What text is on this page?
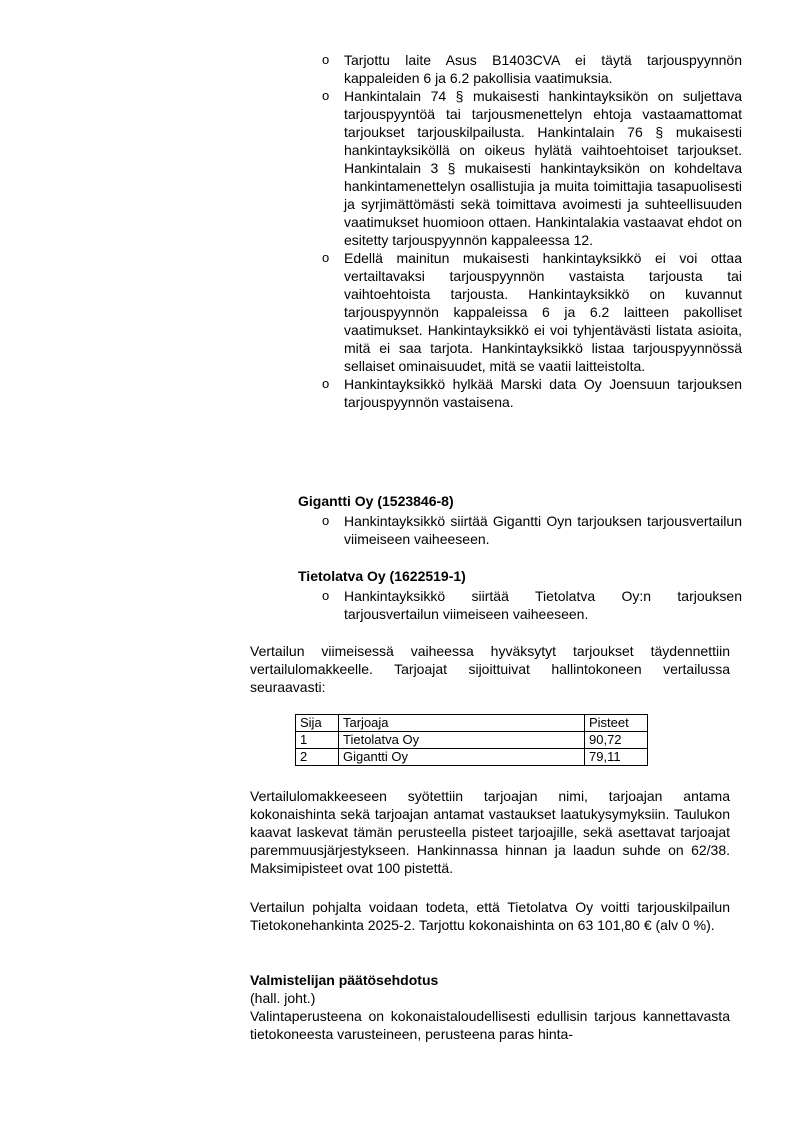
o Tarjottu laite Asus B1403CVA ei täytä tarjouspyynnön kappaleiden 6 ja 6.2 pakollisia vaatimuksia.
o Hankintalain 74 § mukaisesti hankintayksikön on suljettava tarjouspyyntöä tai tarjousmenettelyn ehtoja vastaamattomat tarjoukset tarjouskilpailusta. Hankintalain 76 § mukaisesti hankintayksiköllä on oikeus hylätä vaihtoehtoiset tarjoukset. Hankintalain 3 § mukaisesti hankintayksikön on kohdeltava hankintamenettelyn osallistujia ja muita toimittajia tasapuolisesti ja syrjimättömästi sekä toimittava avoimesti ja suhteellisuuden vaatimukset huomioon ottaen. Hankintalakia vastaavat ehdot on esitetty tarjouspyynnön kappaleessa 12.
o Edellä mainitun mukaisesti hankintayksikkö ei voi ottaa vertailtavaksi tarjouspyynnön vastaista tarjousta tai vaihtoehtoista tarjousta. Hankintayksikkö on kuvannut tarjouspyynnön kappaleissa 6 ja 6.2 laitteen pakolliset vaatimukset. Hankintayksikkö ei voi tyhjentävästi listata asioita, mitä ei saa tarjota. Hankintayksikkö listaa tarjouspyynnössä sellaiset ominaisuudet, mitä se vaatii laitteistolta.
o Hankintayksikkö hylkää Marski data Oy Joensuun tarjouksen tarjouspyynnön vastaisena.
Gigantti Oy (1523846-8)
o Hankintayksikkö siirtää Gigantti Oyn tarjouksen tarjousvertailun viimeiseen vaiheeseen.
Tietolatva Oy (1622519-1)
o Hankintayksikkö siirtää Tietolatva Oy:n tarjouksen tarjousvertailun viimeiseen vaiheeseen.

Vertailun viimeisessä vaiheessa hyväksytyt tarjoukset täydennettiin vertailulomakkeelle. Tarjoajat sijoittuivat hallintokoneen vertailussa seuraavasti:

Sija	Tarjoaja	Pisteet
1	Tietolatva Oy	90,72
2	Gigantti Oy	79,11

Vertailulomakkeeseen syötettiin tarjoajan nimi, tarjoajan antama kokonaishinta sekä tarjoajan antamat vastaukset laatukysymyksiin. Taulukon kaavat laskevat tämän perusteella pisteet tarjoajille, sekä asettavat tarjoajat paremmuusjärjestykseen. Hankinnassa hinnan ja laadun suhde on 62/38. Maksimipisteet ovat 100 pistettä.

Vertailun pohjalta voidaan todeta, että Tietolatva Oy voitti tarjouskilpailun Tietokonehankinta 2025-2. Tarjottu kokonaishinta on 63 101,80 € (alv 0 %).

Valmistelijan päätösehdotus
(hall. joht.)
Valintaperusteena on kokonaistaloudellisesti edullisin tarjous kannettavasta tietokoneesta varusteineen, perusteena paras hinta-
